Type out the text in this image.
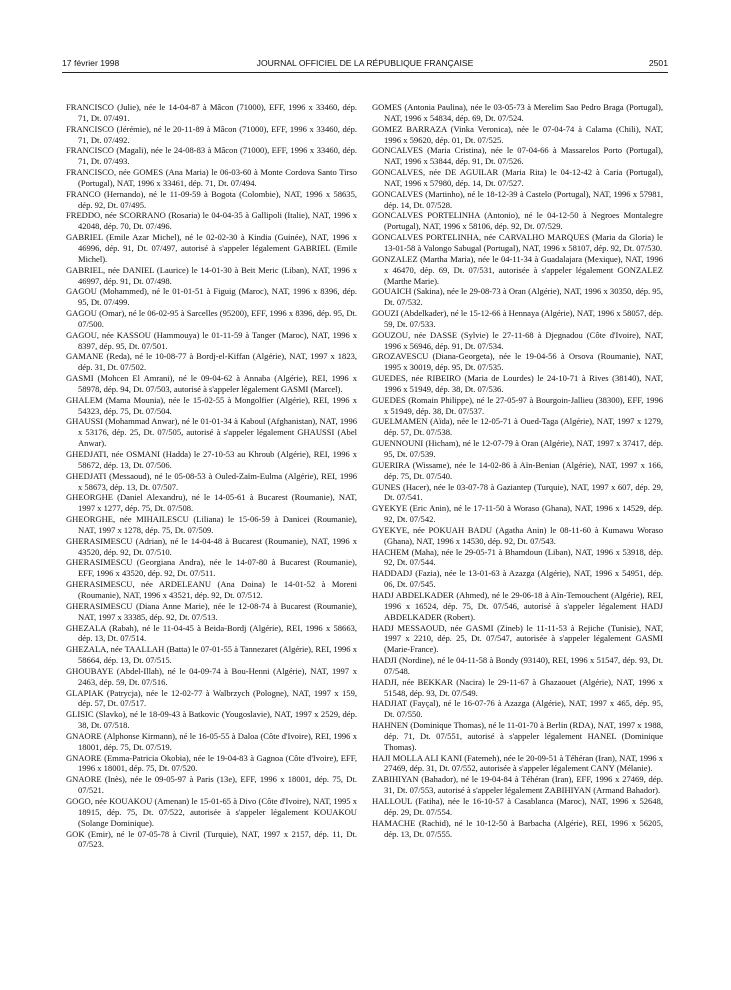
17 février 1998	JOURNAL OFFICIEL DE LA RÉPUBLIQUE FRANÇAISE	2501
FRANCISCO (Julie), née le 14-04-87 à Mâcon (71000), EFF, 1996 x 33460, dép. 71, Dt. 07/491.
FRANCISCO (Jérémie), né le 20-11-89 à Mâcon (71000), EFF, 1996 x 33460, dép. 71, Dt. 07/492.
FRANCISCO (Magali), née le 24-08-83 à Mâcon (71000), EFF, 1996 x 33460, dép. 71, Dt. 07/493.
FRANCISCO, née GOMES (Ana Maria) le 06-03-60 à Monte Cordova Santo Tirso (Portugal), NAT, 1996 x 33461, dép. 71, Dt. 07/494.
FRANCO (Hernando), né le 11-09-59 à Bogota (Colombie), NAT, 1996 x 58635, dép. 92, Dt. 07/495.
FREDDO, née SCORRANO (Rosaria) le 04-04-35 à Gallipoli (Italie), NAT, 1996 x 42048, dép. 70, Dt. 07/496.
GABRIEL (Emile Azar Michel), né le 02-02-30 à Kindia (Guinée), NAT, 1996 x 46996, dép. 91, Dt. 07/497, autorisé à s'appeler légalement GABRIEL (Emile Michel).
GABRIEL, née DANIEL (Laurice) le 14-01-30 à Beit Meric (Liban), NAT, 1996 x 46997, dép. 91, Dt. 07/498.
GAGOU (Mohammed), né le 01-01-51 à Figuig (Maroc), NAT, 1996 x 8396, dép. 95, Dt. 07/499.
GAGOU (Omar), né le 06-02-95 à Sarcelles (95200), EFF, 1996 x 8396, dép. 95, Dt. 07/500.
GAGOU, née KASSOU (Hammouya) le 01-11-59 à Tanger (Maroc), NAT, 1996 x 8397, dép. 95, Dt. 07/501.
GAMANE (Reda), né le 10-08-77 à Bordj-el-Kiffan (Algérie), NAT, 1997 x 1823, dép. 31, Dt. 07/502.
GASMI (Mohcen El Amrani), né le 09-04-62 à Annaba (Algérie), REI, 1996 x 58978, dép. 94, Dt. 07/503, autorisé à s'appeler légalement GASMI (Marcel).
GHALEM (Mama Mounia), née le 15-02-55 à Mongolfier (Algérie), REI, 1996 x 54323, dép. 75, Dt. 07/504.
GHAUSSI (Mohammad Anwar), né le 01-01-34 à Kaboul (Afghanistan), NAT, 1996 x 53176, dép. 25, Dt. 07/505, autorisé à s'appeler légalement GHAUSSI (Abel Anwar).
GHEDJATI, née OSMANI (Hadda) le 27-10-53 au Khroub (Algérie), REI, 1996 x 58672, dép. 13, Dt. 07/506.
GHEDJATI (Messaoud), né le 05-08-53 à Ouled-Zaïm-Eulma (Algérie), REI, 1996 x 58673, dép. 13, Dt. 07/507.
GHEORGHE (Daniel Alexandru), né le 14-05-61 à Bucarest (Roumanie), NAT, 1997 x 1277, dép. 75, Dt. 07/508.
GHEORGHE, née MIHAILESCU (Liliana) le 15-06-59 à Danicei (Roumanie), NAT, 1997 x 1278, dép. 75, Dt. 07/509.
GHERASIMESCU (Adrian), né le 14-04-48 à Bucarest (Roumanie), NAT, 1996 x 43520, dép. 92, Dt. 07/510.
GHERASIMESCU (Georgiana Andra), née le 14-07-80 à Bucarest (Roumanie), EFF, 1996 x 43520, dép. 92, Dt. 07/511.
GHERASIMESCU, née ARDELEANU (Ana Doina) le 14-01-52 à Moreni (Roumanie), NAT, 1996 x 43521, dép. 92, Dt. 07/512.
GHERASIMESCU (Diana Anne Marie), née le 12-08-74 à Bucarest (Roumanie), NAT, 1997 x 33385, dép. 92, Dt. 07/513.
GHEZALA (Rabah), né le 11-04-45 à Beida-Bordj (Algérie), REI, 1996 x 58663, dép. 13, Dt. 07/514.
GHEZALA, née TAALLAH (Batta) le 07-01-55 à Tannezaret (Algérie), REI, 1996 x 58664, dép. 13, Dt. 07/515.
GHOUBAYE (Abdel-Illah), né le 04-09-74 à Bou-Henni (Algérie), NAT, 1997 x 2463, dép. 59, Dt. 07/516.
GLAPIAK (Patrycja), née le 12-02-77 à Walbrzych (Pologne), NAT, 1997 x 159, dép. 57, Dt. 07/517.
GLISIC (Slavko), né le 18-09-43 à Batkovic (Yougoslavie), NAT, 1997 x 2529, dép. 38, Dt. 07/518.
GNAORE (Alphonse Kirmann), né le 16-05-55 à Daloa (Côte d'Ivoire), REI, 1996 x 18001, dép. 75, Dt. 07/519.
GNAORE (Emma-Patricia Okobia), née le 19-04-83 à Gagnoa (Côte d'Ivoire), EFF, 1996 x 18001, dép. 75, Dt. 07/520.
GNAORE (Inès), née le 09-05-97 à Paris (13e), EFF, 1996 x 18001, dép. 75, Dt. 07/521.
GOGO, née KOUAKOU (Amenan) le 15-01-65 à Divo (Côte d'Ivoire), NAT, 1995 x 18915, dép. 75, Dt. 07/522, autorisée à s'appeler légalement KOUAKOU (Solange Dominique).
GOK (Emir), né le 07-05-78 à Civril (Turquie), NAT, 1997 x 2157, dép. 11, Dt. 07/523.
GOMES (Antonia Paulina), née le 03-05-73 à Merelim Sao Pedro Braga (Portugal), NAT, 1996 x 54834, dép. 69, Dt. 07/524.
GOMEZ BARRAZA (Vinka Veronica), née le 07-04-74 à Calama (Chili), NAT, 1996 x 59620, dép. 01, Dt. 07/525.
GONCALVES (Maria Cristina), née le 07-04-66 à Massarelos Porto (Portugal), NAT, 1996 x 53844, dép. 91, Dt. 07/526.
GONCALVES, née DE AGUILAR (Maria Rita) le 04-12-42 à Caria (Portugal), NAT, 1996 x 57980, dép. 14, Dt. 07/527.
GONCALVES (Martinho), né le 18-12-39 à Castelo (Portugal), NAT, 1996 x 57981, dép. 14, Dt. 07/528.
GONCALVES PORTELINHA (Antonio), né le 04-12-50 à Negroes Montalegre (Portugal), NAT, 1996 x 58106, dép. 92, Dt. 07/529.
GONCALVES PORTELINHA, née CARVALHO MARQUES (Maria da Gloria) le 13-01-58 à Valongo Sabugal (Portugal), NAT, 1996 x 58107, dép. 92, Dt. 07/530.
GONZALEZ (Martha Maria), née le 04-11-34 à Guadalajara (Mexique), NAT, 1996 x 46470, dép. 69, Dt. 07/531, autorisée à s'appeler légalement GONZALEZ (Marthe Marie).
GOUAICH (Sakina), née le 29-08-73 à Oran (Algérie), NAT, 1996 x 30350, dép. 95, Dt. 07/532.
GOUZI (Abdelkader), né le 15-12-66 à Hennaya (Algérie), NAT, 1996 x 58057, dép. 59, Dt. 07/533.
GOUZOU, née DASSE (Sylvie) le 27-11-68 à Djegnadou (Côte d'Ivoire), NAT, 1996 x 56946, dép. 91, Dt. 07/534.
GROZAVESCU (Diana-Georgeta), née le 19-04-56 à Orsova (Roumanie), NAT, 1995 x 30019, dép. 95, Dt. 07/535.
GUEDES, née RIBEIRO (Maria de Lourdes) le 24-10-71 à Rives (38140), NAT, 1996 x 51949, dép. 38, Dt. 07/536.
GUEDES (Romain Philippe), né le 27-05-97 à Bourgoin-Jallieu (38300), EFF, 1996 x 51949, dép. 38, Dt. 07/537.
GUELMAMEN (Aïda), née le 12-05-71 à Oued-Taga (Algérie), NAT, 1997 x 1279, dép. 57, Dt. 07/538.
GUENNOUNI (Hicham), né le 12-07-79 à Oran (Algérie), NAT, 1997 x 37417, dép. 95, Dt. 07/539.
GUERIRA (Wissame), née le 14-02-86 à Aïn-Benian (Algérie), NAT, 1997 x 166, dép. 75, Dt. 07/540.
GUNES (Hacer), née le 03-07-78 à Gaziantep (Turquie), NAT, 1997 x 607, dép. 29, Dt. 07/541.
GYEKYE (Eric Anin), né le 17-11-50 à Woraso (Ghana), NAT, 1996 x 14529, dép. 92, Dt. 07/542.
GYEKYE, née POKUAH BADU (Agatha Anin) le 08-11-60 à Kumawu Woraso (Ghana), NAT, 1996 x 14530, dép. 92, Dt. 07/543.
HACHEM (Maha), née le 29-05-71 à Bhamdoun (Liban), NAT, 1996 x 53918, dép. 92, Dt. 07/544.
HADDADJ (Fazia), née le 13-01-63 à Azazga (Algérie), NAT, 1996 x 54951, dép. 06, Dt. 07/545.
HADJ ABDELKADER (Ahmed), né le 29-06-18 à Aïn-Temouchent (Algérie), REI, 1996 x 16524, dép. 75, Dt. 07/546, autorisé à s'appeler légalement HADJ ABDELKADER (Robert).
HADJ MESSAOUD, née GASMI (Zineb) le 11-11-53 à Rejiche (Tunisie), NAT, 1997 x 2210, dép. 25, Dt. 07/547, autorisée à s'appeler légalement GASMI (Marie-France).
HADJI (Nordine), né le 04-11-58 à Bondy (93140), REI, 1996 x 51547, dép. 93, Dt. 07/548.
HADJI, née BEKKAR (Nacira) le 29-11-67 à Ghazaouet (Algérie), NAT, 1996 x 51548, dép. 93, Dt. 07/549.
HADJIAT (Fayçal), né le 16-07-76 à Azazga (Algérie), NAT, 1997 x 465, dép. 95, Dt. 07/550.
HAHNEN (Dominique Thomas), né le 11-01-70 à Berlin (RDA), NAT, 1997 x 1988, dép. 71, Dt. 07/551, autorisé à s'appeler légalement HANEL (Dominique Thomas).
HAJI MOLLA ALI KANI (Fatemeh), née le 20-09-51 à Téhéran (Iran), NAT, 1996 x 27469, dép. 31, Dt. 07/552, autorisée à s'appeler légalement CANY (Mélanie).
ZABIHIYAN (Bahador), né le 19-04-84 à Téhéran (Iran), EFF, 1996 x 27469, dép. 31, Dt. 07/553, autorisé à s'appeler légalement ZABIHIYAN (Armand Bahador).
HALLOUL (Fatiha), née le 16-10-57 à Casablanca (Maroc), NAT, 1996 x 52648, dép. 29, Dt. 07/554.
HAMACHE (Rachid), né le 10-12-50 à Barbacha (Algérie), REI, 1996 x 56205, dép. 13, Dt. 07/555.
